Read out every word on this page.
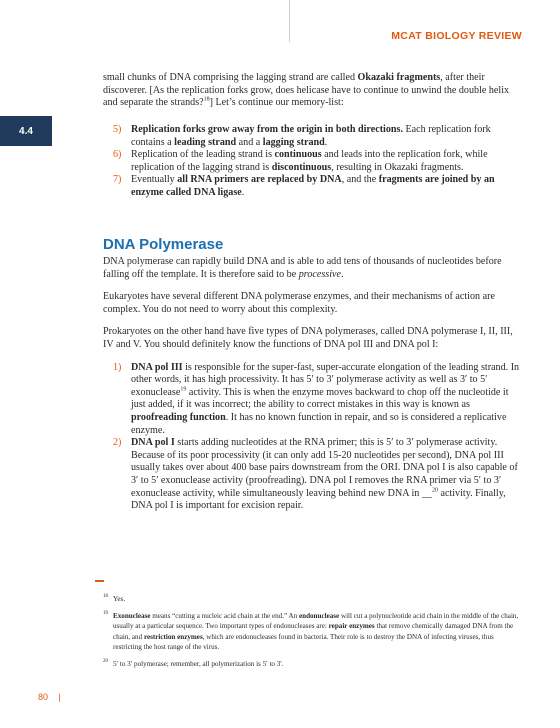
MCAT BIOLOGY REVIEW
4.4

small chunks of DNA comprising the lagging strand are called Okazaki fragments, after their discoverer. [As the replication forks grow, does helicase have to continue to unwind the double helix and separate the strands?$^{18}$] Let’s continue our memory-list:

5) Replication forks grow away from the origin in both directions. Each replication fork contains a leading strand and a lagging strand.
6) Replication of the leading strand is continuous and leads into the replication fork, while replication of the lagging strand is discontinuous, resulting in Okazaki fragments.
7) Eventually all RNA primers are replaced by DNA, and the fragments are joined by an enzyme called DNA ligase.
DNA Polymerase

DNA polymerase can rapidly build DNA and is able to add tens of thousands of nucleotides before falling off the template. It is therefore said to be processive.

Eukaryotes have several different DNA polymerase enzymes, and their mechanisms of action are complex. You do not need to worry about this complexity.

Prokaryotes on the other hand have five types of DNA polymerases, called DNA polymerase I, II, III, IV and V. You should definitely know the functions of DNA pol III and DNA pol I:

1) DNA pol III is responsible for the super-fast, super-accurate elongation of the leading strand. In other words, it has high processivity. It has 5′ to 3′ polymerase activity as well as 3′ to 5′ exonuclease$^{19}$ activity. This is when the enzyme moves backward to chop off the nucleotide it just added, if it was incorrect; the ability to correct mistakes in this way is known as proofreading function. It has no known function in repair, and so is considered a replicative enzyme.
2) DNA pol I starts adding nucleotides at the RNA primer; this is 5′ to 3′ polymerase activity. Because of its poor processivity (it can only add 15-20 nucleotides per second), DNA pol III usually takes over about 400 base pairs downstream from the ORI. DNA pol I is also capable of 3′ to 5′ exonuclease activity (proofreading). DNA pol I removes the RNA primer via 5′ to 3′ exonuclease activity, while simultaneously leaving behind new DNA in __$^{20}$ activity. Finally, DNA pol I is important for excision repair.
18 Yes.
19 Exonuclease means “cutting a nucleic acid chain at the end.” An endonuclease will cut a polynucleotide acid chain in the middle of the chain, usually at a particular sequence. Two important types of endonucleases are: repair enzymes that remove chemically damaged DNA from the chain, and restriction enzymes, which are endonucleases found in bacteria. Their role is to destroy the DNA of infecting viruses, thus restricting the host range of the virus.
20 5′ to 3′ polymerase; remember, all polymerization is 5′ to 3′.
80 |
